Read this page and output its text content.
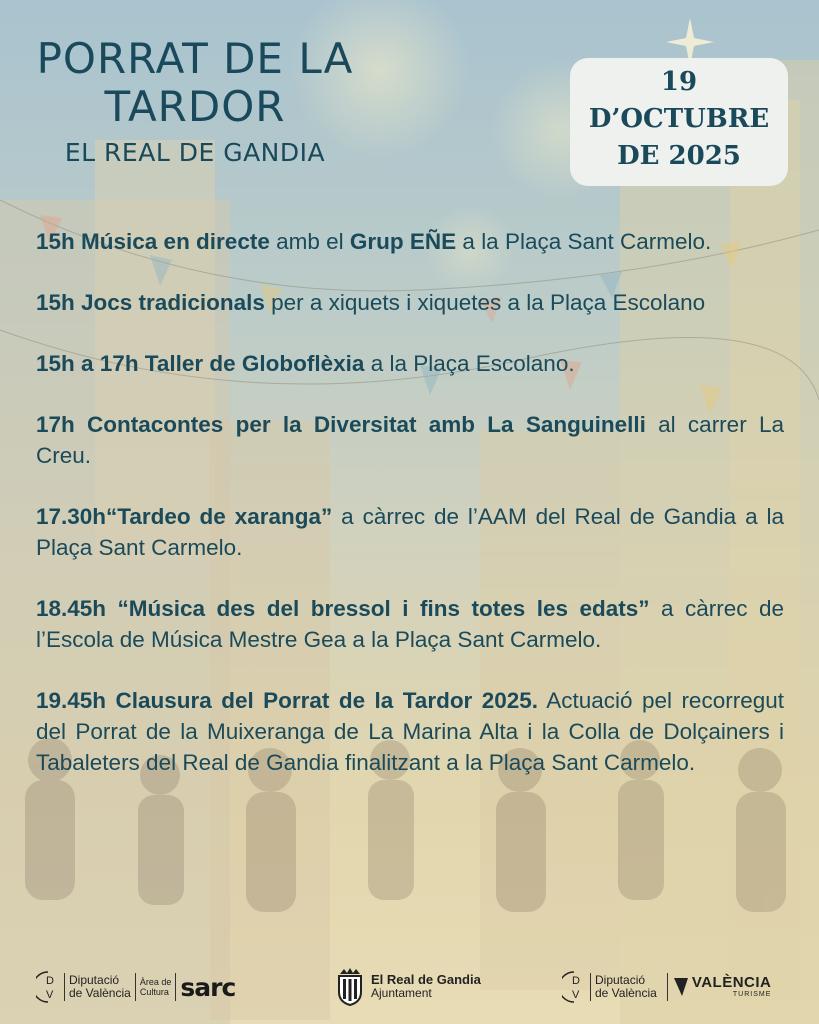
PORRAT DE LA
TARDOR
EL REAL DE GANDIA
19
D’OCTUBRE
DE 2025

15h Música en directe amb el Grup EÑE a la Plaça Sant Carmelo.

15h Jocs tradicionals per a xiquets i xiquetes a la Plaça Escolano

15h a 17h Taller de Globoflèxia a la Plaça Escolano.

17h Contacontes per la Diversitat amb La Sanguinelli al carrer La Creu.

17.30h“Tardeo de xaranga” a càrrec de l’AAM del Real de Gandia a la Plaça Sant Carmelo.

18.45h “Música des del bressol i fins totes les edats” a càrrec de l’Escola de Música Mestre Gea a la Plaça Sant Carmelo.

19.45h Clausura del Porrat de la Tardor 2025. Actuació pel recorregut del Porrat de la Muixeranga de La Marina Alta i la Colla de Dolçainers i Tabaleters del Real de Gandia finalitzant a la Plaça Sant Carmelo.

D
V
Diputació
de València
Àrea de
Cultura sarc	El Real de Gandia
Ajuntament
D
V
Diputació
de València
VALÈNCIA
TURISME
